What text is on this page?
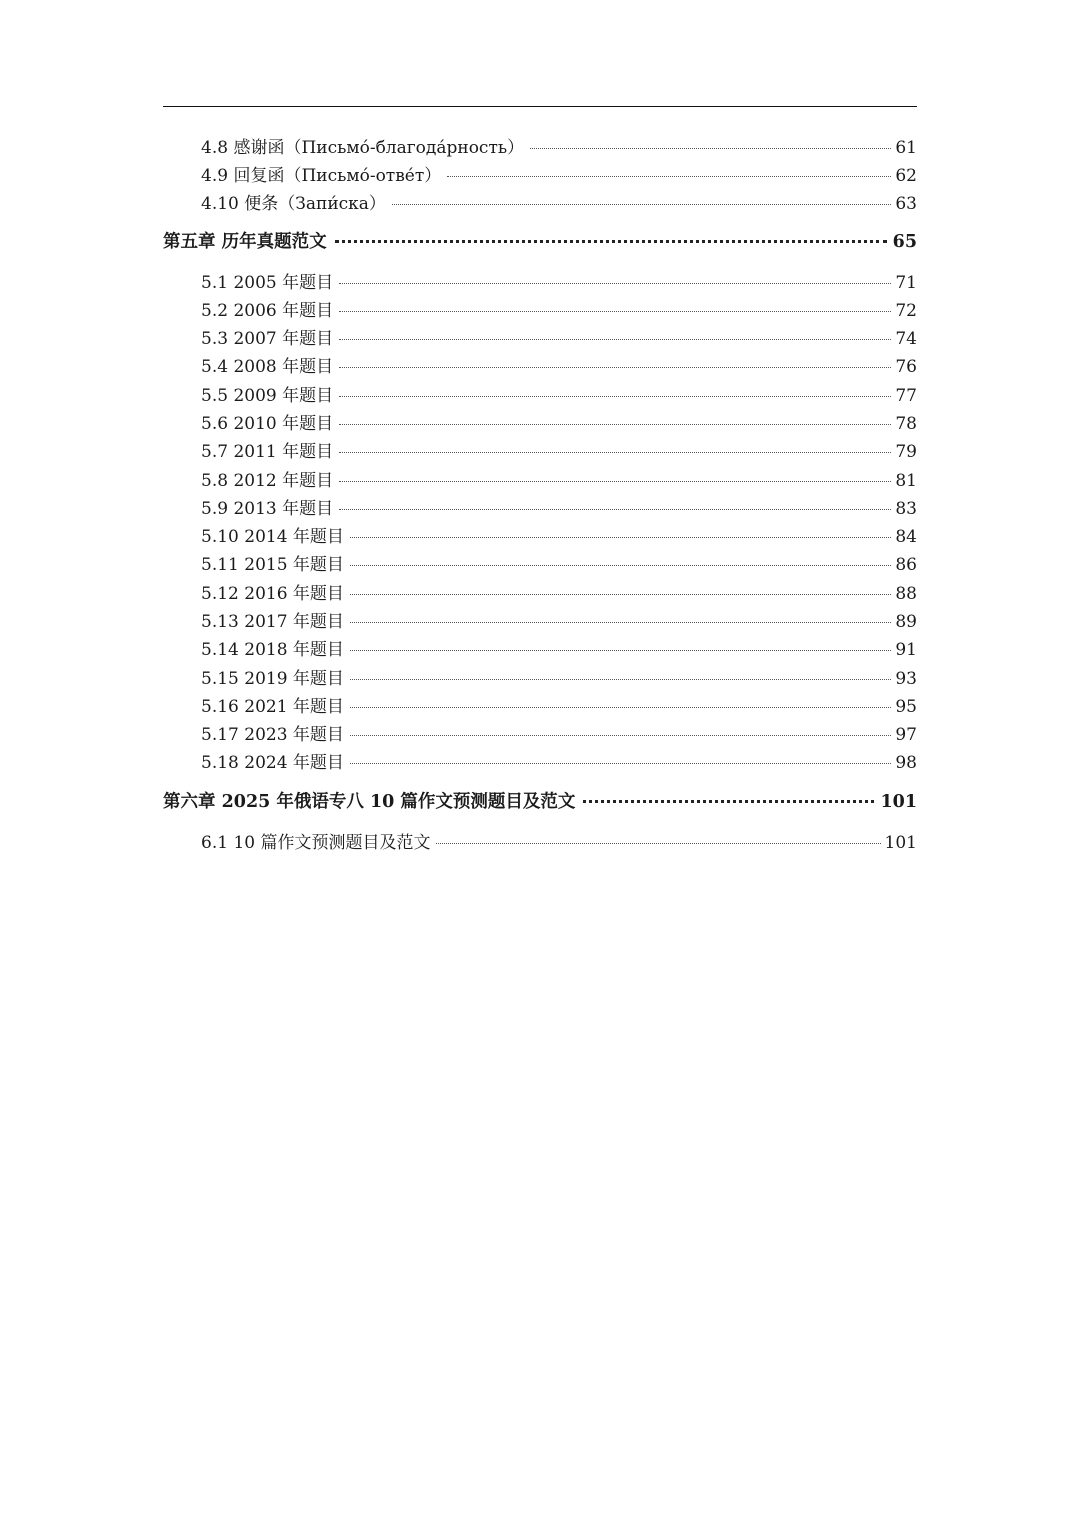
4.8 感谢函（Письмо́-благода́рность）	61
4.9 回复函（Письмо́-отве́т）	62
4.10 便条（Запи́ска）	63
第五章 历年真题范文	65
5.1 2005 年题目	71
5.2 2006 年题目	72
5.3 2007 年题目	74
5.4 2008 年题目	76
5.5 2009 年题目	77
5.6 2010 年题目	78
5.7 2011 年题目	79
5.8 2012 年题目	81
5.9 2013 年题目	83
5.10 2014 年题目	84
5.11 2015 年题目	86
5.12 2016 年题目	88
5.13 2017 年题目	89
5.14 2018 年题目	91
5.15 2019 年题目	93
5.16 2021 年题目	95
5.17 2023 年题目	97
5.18 2024 年题目	98
第六章 2025 年俄语专八 10 篇作文预测题目及范文	101
6.1 10 篇作文预测题目及范文	101
